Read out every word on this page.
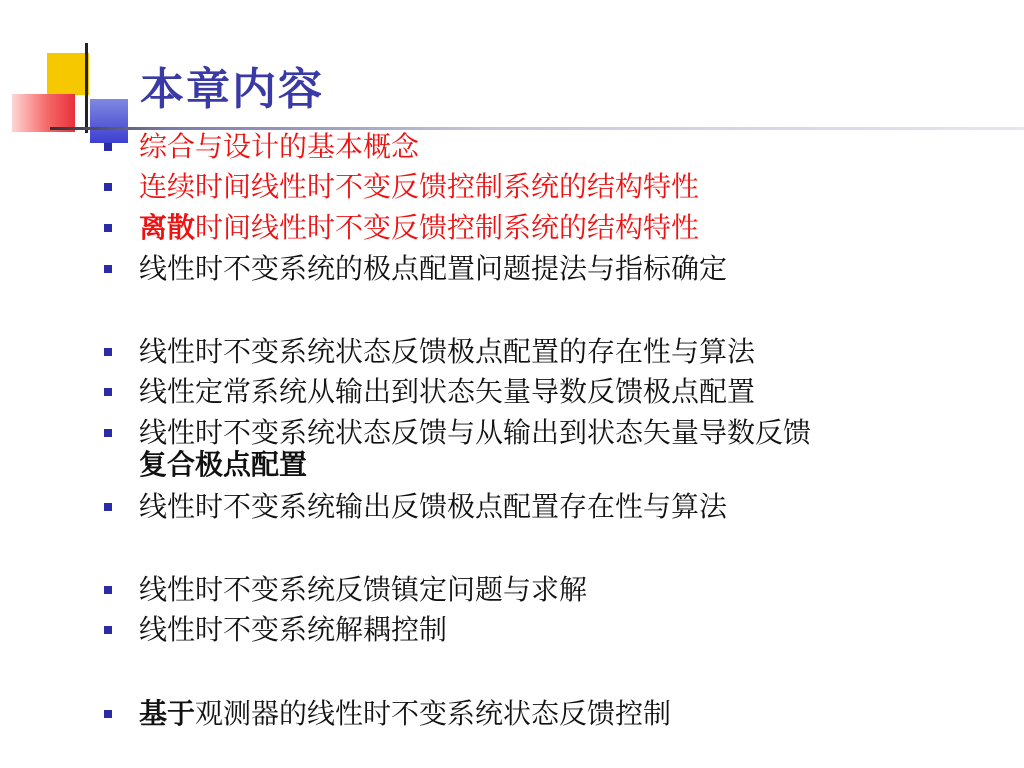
本章内容
综合与设计的基本概念
连续时间线性时不变反馈控制系统的结构特性
离散时间线性时不变反馈控制系统的结构特性
线性时不变系统的极点配置问题提法与指标确定
线性时不变系统状态反馈极点配置的存在性与算法
线性定常系统从输出到状态矢量导数反馈极点配置
线性时不变系统状态反馈与从输出到状态矢量导数反馈
复合极点配置
线性时不变系统输出反馈极点配置存在性与算法
线性时不变系统反馈镇定问题与求解
线性时不变系统解耦控制
基于观测器的线性时不变系统状态反馈控制
